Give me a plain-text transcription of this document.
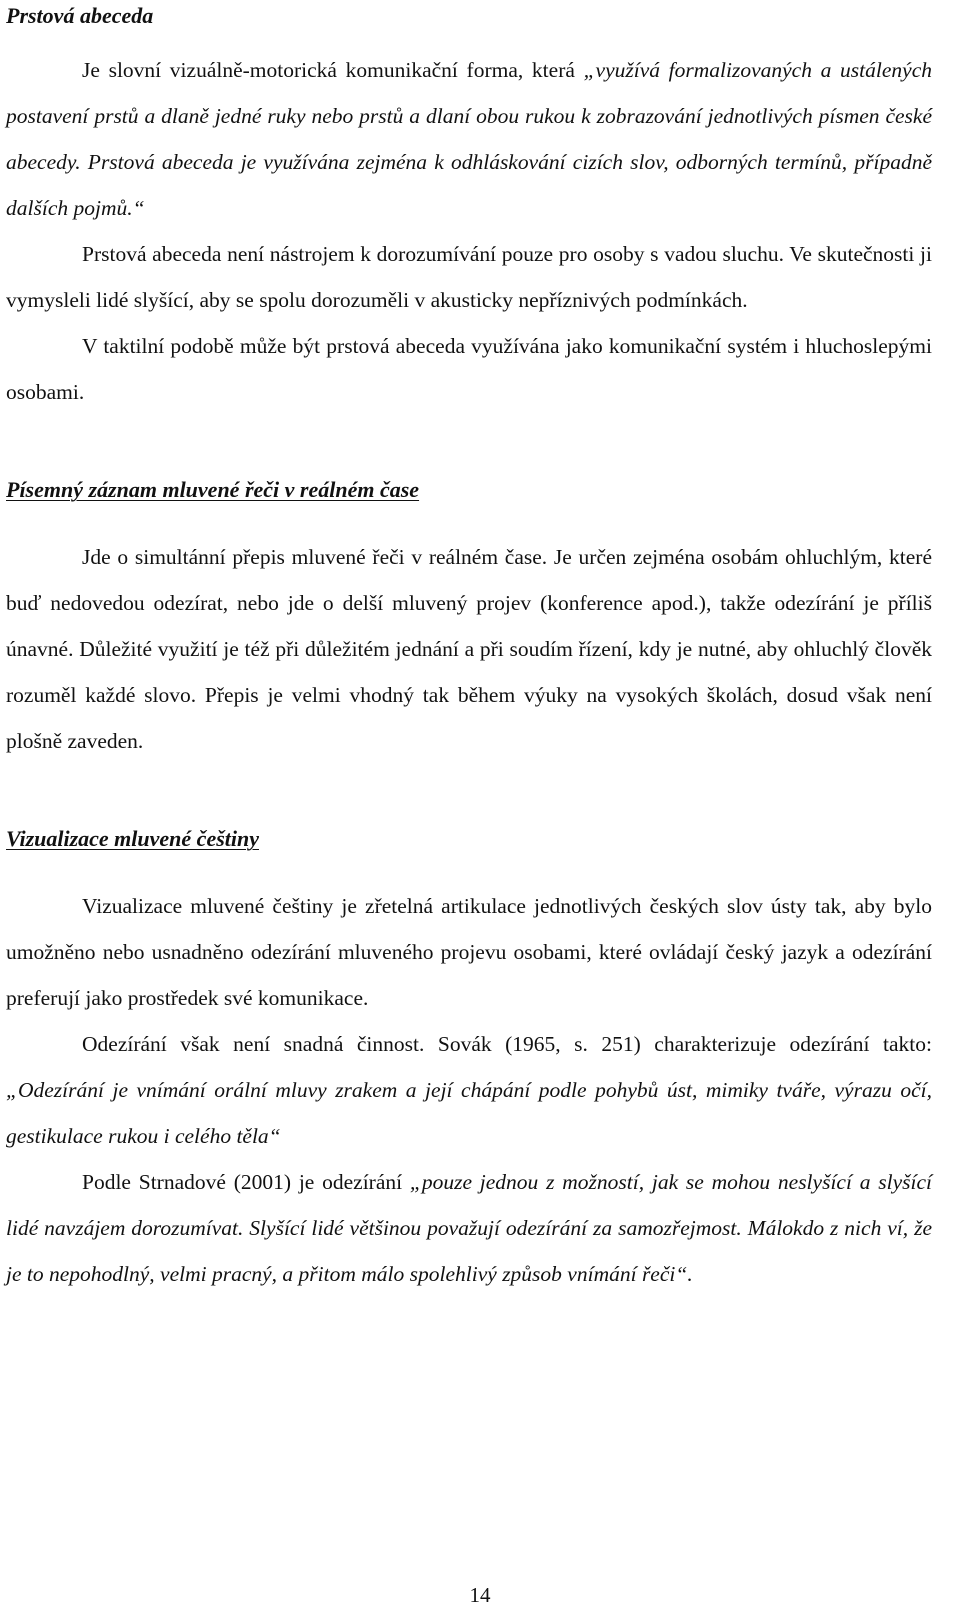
Prstová abeceda

Je slovní vizuálně-motorická komunikační forma, která „využívá formalizovaných a ustálených postavení prstů a dlaně jedné ruky nebo prstů a dlaní obou rukou k zobrazování jednotlivých písmen české abecedy. Prstová abeceda je využívána zejména k odhláskování cizích slov, odborných termínů, případně dalších pojmů.“

Prstová abeceda není nástrojem k dorozumívání pouze pro osoby s vadou sluchu. Ve skutečnosti ji vymysleli lidé slyšící, aby se spolu dorozuměli v akusticky nepříznivých podmínkách.

V taktilní podobě může být prstová abeceda využívána jako komunikační systém i hluchoslepými osobami.

Písemný záznam mluvené řeči v reálném čase

Jde o simultánní přepis mluvené řeči v reálném čase. Je určen zejména osobám ohluchlým, které buď nedovedou odezírat, nebo jde o delší mluvený projev (konference apod.), takže odezírání je příliš únavné. Důležité využití je též při důležitém jednání a při soudím řízení, kdy je nutné, aby ohluchlý člověk rozuměl každé slovo. Přepis je velmi vhodný tak během výuky na vysokých školách, dosud však není plošně zaveden.

Vizualizace mluvené češtiny

Vizualizace mluvené češtiny je zřetelná artikulace jednotlivých českých slov ústy tak, aby bylo umožněno nebo usnadněno odezírání mluveného projevu osobami, které ovládají český jazyk a odezírání preferují jako prostředek své komunikace.

Odezírání však není snadná činnost. Sovák (1965, s. 251) charakterizuje odezírání takto: „Odezírání je vnímání orální mluvy zrakem a její chápání podle pohybů úst, mimiky tváře, výrazu očí, gestikulace rukou i celého těla“

Podle Strnadové (2001) je odezírání „pouze jednou z možností, jak se mohou neslyšící a slyšící lidé navzájem dorozumívat. Slyšící lidé většinou považují odezírání za samozřejmost. Málokdo z nich ví, že je to nepohodlný, velmi pracný, a přitom málo spolehlivý způsob vnímání řeči“.

14
